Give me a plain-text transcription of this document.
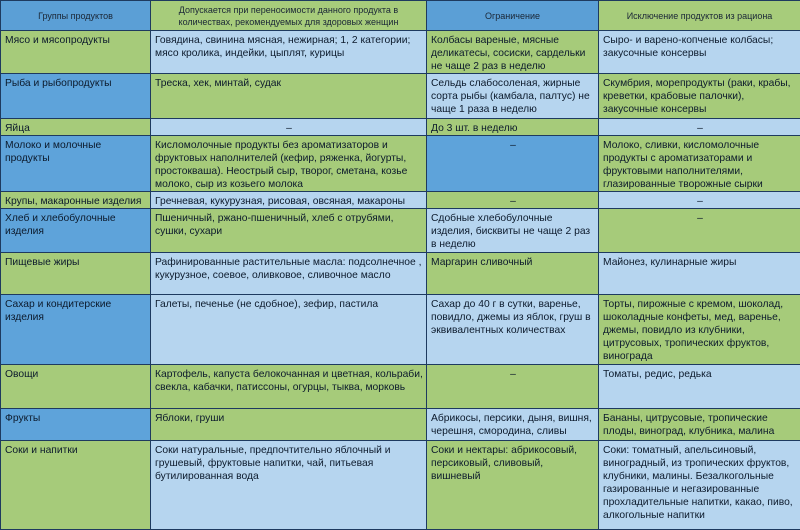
Группы продуктов	Допускается при переносимости данного продукта в количествах, рекомендуемых для здоровых женщин	Ограничение	Исключение продуктов из рациона
Мясо и мясопродукты	Говядина, свинина мясная, нежирная; 1, 2 категории; мясо кролика, индейки, цыплят, курицы	Колбасы вареные, мясные деликатесы, сосиски, сардельки не чаще 2 раз в неделю	Сыро- и варено-копченые колбасы; закусочные консервы
Рыба и рыбопродукты	Треска, хек, минтай, судак	Сельдь слабосоленая, жирные сорта рыбы (камбала, палтус) не чаще 1 раза в неделю	Скумбрия, морепродукты (раки, крабы, креветки, крабовые палочки), закусочные консервы
Яйца	–	До 3 шт. в неделю	–
Молоко и молочные продукты	Кисломолочные продукты без ароматизаторов и фруктовых наполнителей (кефир, ряженка, йогурты, простокваша). Неострый сыр, творог, сметана, козье молоко, сыр из козьего молока	–	Молоко, сливки, кисломолочные продукты с ароматизаторами и фруктовыми наполнителями, глазированные творожные сырки
Крупы, макаронные изделия	Гречневая, кукурузная, рисовая, овсяная, макароны	–	–
Хлеб и хлебобулочные изделия	Пшеничный, ржано-пшеничный, хлеб с отрубями, сушки, сухари	Сдобные хлебобулочные изделия, бисквиты не чаще 2 раз в неделю	–
Пищевые жиры	Рафинированные растительные масла: подсолнечное , кукурузное, соевое, оливковое, сливочное масло	Маргарин сливочный	Майонез, кулинарные жиры
Сахар и кондитерские изделия	Галеты, печенье (не сдобное), зефир, пастила	Сахар до 40 г в сутки, варенье, повидло, джемы из яблок, груш в эквивалентных количествах	Торты, пирожные с кремом, шоколад, шоколадные конфеты, мед, варенье, джемы, повидло из клубники, цитрусовых, тропических фруктов, винограда
Овощи	Картофель, капуста белокочанная и цветная, кольраби, свекла, кабачки, патиссоны, огурцы, тыква, морковь	–	Томаты, редис, редька
Фрукты	Яблоки, груши	Абрикосы, персики, дыня, вишня, черешня, смородина, сливы	Бананы, цитрусовые, тропические плоды, виноград, клубника, малина
Соки и напитки	Соки натуральные, предпочтительно яблочный и грушевый, фруктовые напитки, чай, питьевая бутилированная вода	Соки и нектары: абрикосовый, персиковый, сливовый, вишневый	Соки: томатный, апельсиновый, виноградный, из тропических фруктов, клубники, малины. Безалкогольные газированные и негазированные прохладительные напитки, какао, пиво, алкогольные напитки
